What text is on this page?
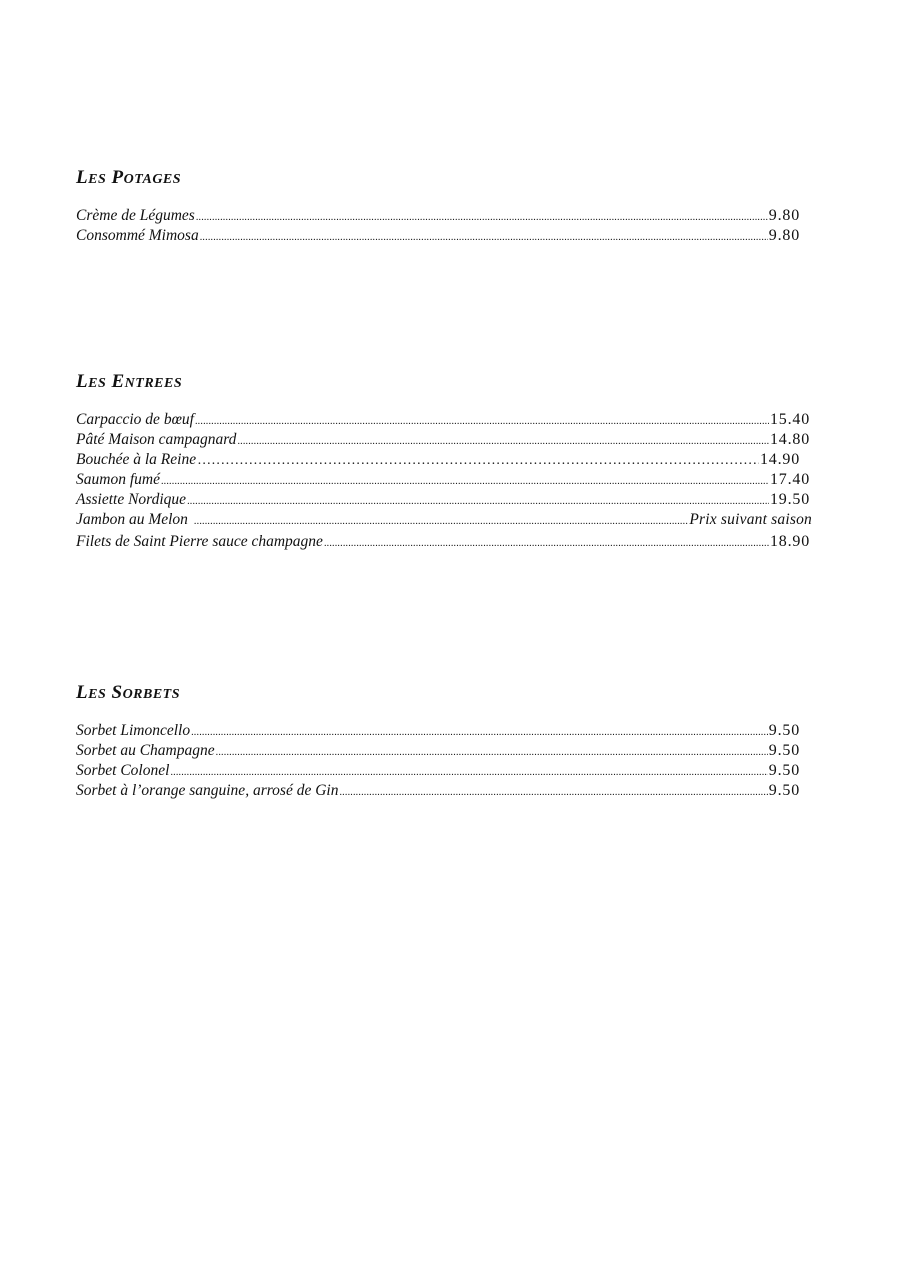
LES POTAGES
Crème de Légumes .....	9.80
Consommé Mimosa .....	9.80
LES ENTREES
Carpaccio de bœuf .....	15.40
Pâté Maison campagnard .....	14.80
Bouchée à la Reine ……………………………………………………………………………………………………………………………………………………………………	14.90
Saumon fumé .....	17.40
Assiette Nordique .....	19.50
Jambon au Melon .....	Prix suivant saison
Filets de Saint Pierre sauce champagne .....	18.90
LES SORBETS
Sorbet Limoncello .....	9.50
Sorbet au Champagne .....	9.50
Sorbet Colonel .....	9.50
Sorbet à l’orange sanguine, arrosé de Gin .....	9.50
